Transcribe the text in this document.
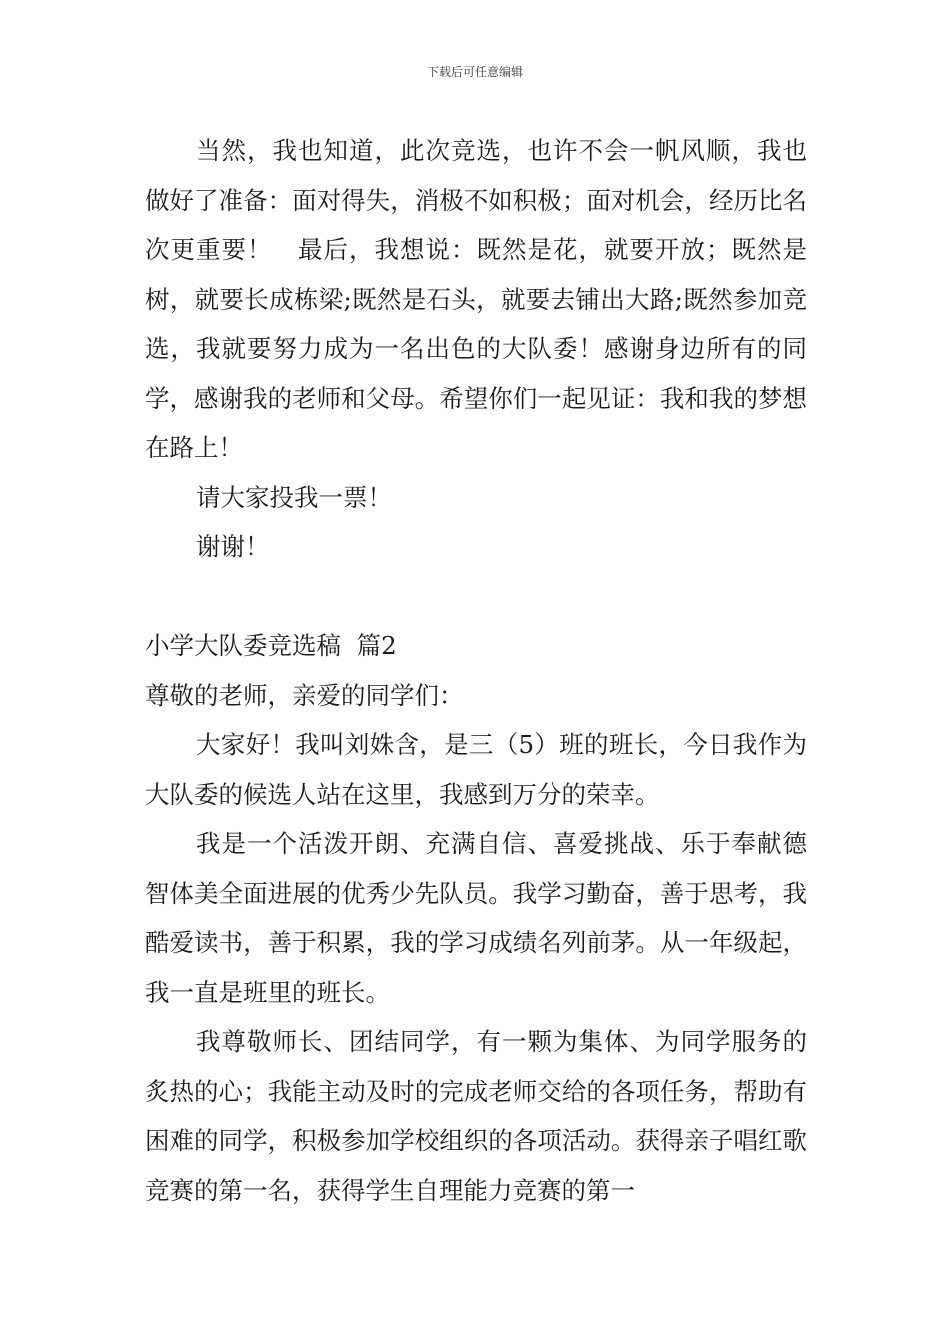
下载后可任意编辑

当然，我也知道，此次竞选，也许不会一帆风顺，我也做好了准备：面对得失，消极不如积极；面对机会，经历比名次更重要！　最后，我想说：既然是花，就要开放；既然是树，就要长成栋梁;既然是石头，就要去铺出大路;既然参加竞选，我就要努力成为一名出色的大队委！感谢身边所有的同学，感谢我的老师和父母。希望你们一起见证：我和我的梦想在路上！

请大家投我一票！

谢谢！

小学大队委竞选稿  篇2

尊敬的老师，亲爱的同学们：

大家好！我叫刘姝含，是三（5）班的班长，今日我作为大队委的候选人站在这里，我感到万分的荣幸。

我是一个活泼开朗、充满自信、喜爱挑战、乐于奉献德智体美全面进展的优秀少先队员。我学习勤奋，善于思考，我酷爱读书，善于积累，我的学习成绩名列前茅。从一年级起，我一直是班里的班长。

我尊敬师长、团结同学，有一颗为集体、为同学服务的炙热的心；我能主动及时的完成老师交给的各项任务，帮助有困难的同学，积极参加学校组织的各项活动。获得亲子唱红歌竞赛的第一名，获得学生自理能力竞赛的第一
